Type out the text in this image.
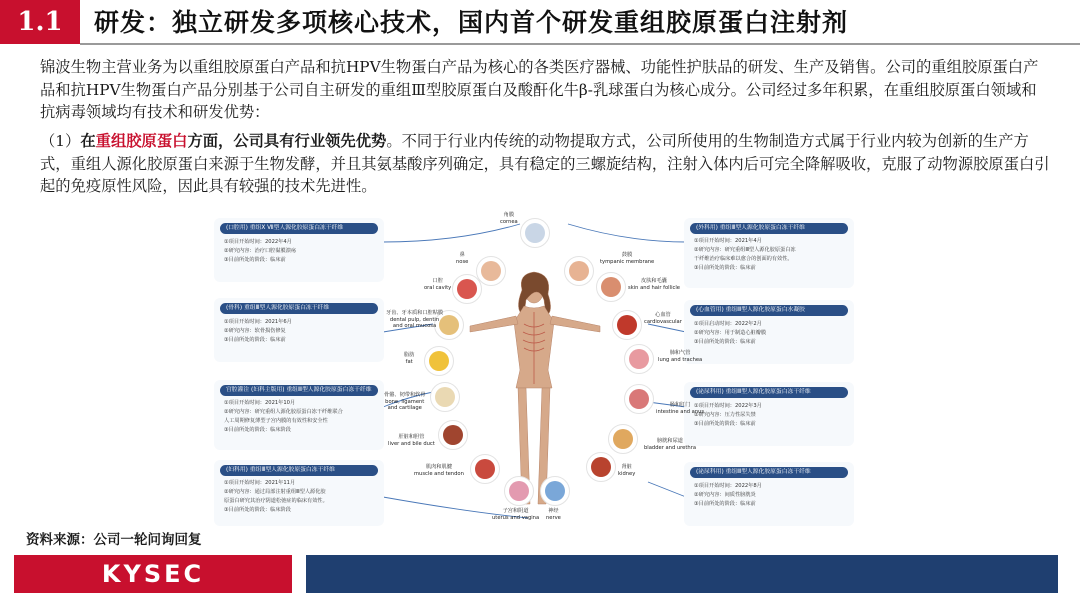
1.1	研发：独立研发多项核心技术，国内首个研发重组胶原蛋白注射剂
锦波生物主营业务为以重组胶原蛋白产品和抗HPV生物蛋白产品为核心的各类医疗器械、功能性护肤品的研发、生产及销售。公司的重组胶原蛋白产品和抗HPV生物蛋白产品分别基于公司自主研发的重组Ⅲ型胶原蛋白及酸酐化牛β-乳球蛋白为核心成分。公司经过多年积累，在重组胶原蛋白领域和抗病毒领域均有技术和研发优势：
（1）在重组胶原蛋白方面，公司具有行业领先优势。不同于行业内传统的动物提取方式，公司所使用的生物制造方式属于行业内较为创新的生产方式，重组人源化胶原蛋白来源于生物发酵，并且其氨基酸序列确定，具有稳定的三螺旋结构，注射入体内后可完全降解吸收，克服了动物源胶原蛋白引起的免疫原性风险，因此具有较强的技术先进性。
(口腔用) 重组Ⅹ Ⅶ型人源化胶原蛋白冻干纤维
①项目开始时间：2022年4月
②研究内容：治疗口腔黏膜溃疡
③目前所处的阶段：临床前
(骨科) 重组Ⅲ型人源化胶原蛋白冻干纤维
①项目开始时间：2021年6月
②研究内容：软骨损伤修复
③目前所处的阶段：临床前
宫腔灌注 (妇科主版用) 重组Ⅲ型人源化胶原蛋白冻干纤维
①项目开始时间：2021年10月
②研究内容：研究重组人源化胶原蛋白冻干纤维联合
人工周期修复薄型子宫内膜的有效性和安全性
③目前所处的阶段：临床阶段
(妇科用) 重组Ⅲ型人源化胶原蛋白冻干纤维
①项目开始时间：2021年11月
②研究内容：通过局部注射重组Ⅲ型人源化胶
原蛋白研究其治疗阴道松弛症的临床有效性。
③目前所处的阶段：临床阶段
(外科用) 重组Ⅲ型人源化胶原蛋白冻干纤维
①项目开始时间：2021年4月
②研究内容：研究重组Ⅲ型人源化胶原蛋白冻
干纤维治疗临床难以愈合的创面的有效性。
③目前所处的阶段：临床前
(心血管用) 重组Ⅲ型人源化胶原蛋白水凝胶
①项目启动时间：2022年2月
②研究内容：用于制造心脏瓣膜
③目前所处的阶段：临床前
(泌尿科用) 重组Ⅲ型人源化胶原蛋白冻干纤维
①项目开始时间：2022年3月
②研究内容：压力性尿失禁
③目前所处的阶段：临床前
(泌尿科用) 重组Ⅲ型人源化胶原蛋白冻干纤维
①项目开始时间：2022年8月
②研究内容：间质性膀胱炎
③目前所处的阶段：临床前
角膜
cornea
鼻
nose
鼓膜
tympanic membrane
口腔
oral cavity
皮肤和毛囊
skin and hair follicle
牙齿、牙本质和口腔粘膜
dental pulp, dentin
and oral mucosa
心血管
cardiovascular
脂肪
fat
肺和气管
lung and trachea
骨骼、韧带和软骨
bone, ligament
and cartilage	肠和肛门
intestine and anus
肝脏和胆管
liver and bile duct	膀胱和尿道
bladder and urethra
肌肉和肌腱
muscle and tendon
肾脏
kidney
子宫和阴道
uterus and vagina
神经
nerve
资料来源：公司一轮问询回复
KYSEC
